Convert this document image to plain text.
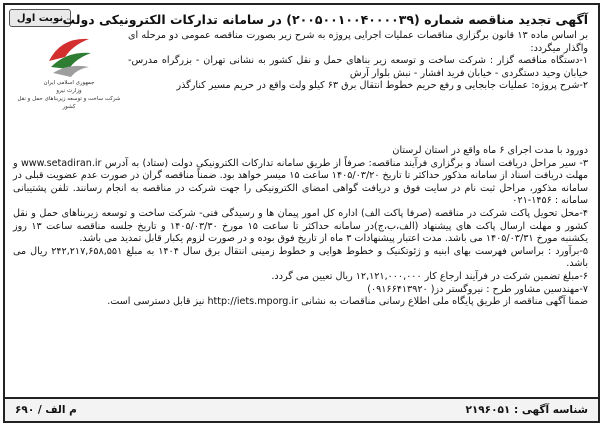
نوبت اول آگهی تجدید مناقصه شماره (۲۰۰۵۰۰۱۰۰۴۰۰۰۰۳۹) در سامانه تدارکات الکترونیکی دولت
جمهوری اسلامی ایران
وزارت نیرو
شرکت ساخت و توسعه زیربناهای حمل و نقل کشور

بر اساس ماده ۱۳ قانون برگزاری مناقصات عملیات اجرایی پروژه به شرح زیر بصورت مناقصه عمومی دو مرحله ای واگذار میگردد:

۱-دستگاه مناقصه گزار : شرکت ساخت و توسعه زیر بناهای حمل و نقل کشور به نشانی تهران - بزرگراه مدرس- خیابان وحید دستگردی - خیابان فرید افشار - نبش بلوار آرش

۲-شرح پروژه: عملیات جابجایی و رفع حریم خطوط انتقال برق ۶۳ کیلو ولت واقع در حریم مسیر کنارگذر

دورود با مدت اجرای ۶ ماه واقع در استان لرستان

۳- سیر مراحل دریافت اسناد و برگزاری فرآیند مناقصه: صرفاً از طریق سامانه تدارکات الکترونیکی دولت (ستاد) به آدرس www.setadiran.ir و مهلت دریافت اسناد از سامانه مذکور حداکثر تا تاریخ ۱۴۰۵/۰۳/۲۰ ساعت ۱۵ میسر خواهد بود. ضمناً مناقصه گران در صورت عدم عضویت قبلی در سامانه مذکور، مراحل ثبت نام در سایت فوق و دریافت گواهی امضای الکترونیکی را جهت شرکت در مناقصه به انجام رسانند. تلفن پشتیبانی سامانه : ۱۴۵۶-۰۲۱

۴-محل تحویل پاکت شرکت در مناقصه (صرفا پاکت الف) اداره کل امور پیمان ها و رسیدگی فنی- شرکت ساخت و توسعه زیربناهای حمل و نقل کشور و مهلت ارسال پاکت های پیشنهاد (الف،ب،ج)در سامانه حداکثر تا ساعت ۱۵ مورخ ۱۴۰۵/۰۳/۳۰ و تاریخ جلسه مناقصه ساعت ۱۳ روز یکشنبه مورخ ۱۴۰۵/۰۳/۳۱ می باشد. مدت اعتبار پیشنهادات ۳ ماه از تاریخ فوق بوده و در صورت لزوم یکبار قابل تمدید می باشد.

۵-برآورد : براساس فهرست بهای ابنیه و ژئوتکنیک و خطوط هوایی و خطوط زمینی انتقال برق سال ۱۴۰۴ به مبلغ ۲۴۲,۲۱۷,۶۵۸,۵۵۱ ریال می باشد.

۶-مبلغ تضمین شرکت در فرآیند ارجاع کار ۱۲,۱۲۱,۰۰۰,۰۰۰ ریال تعیین می گردد.

۷-مهندسین مشاور طرح : نیروگستر دز( ۰۹۱۶۶۴۱۳۹۲۰)

ضمنا آگهی مناقصه از طریق پایگاه ملی اطلاع رسانی مناقصات به نشانی http://iets.mporg.ir نیز قابل دسترسی است.

شناسه آگهی : ۲۱۹۶۰۵۱
م الف / ۶۹۰
